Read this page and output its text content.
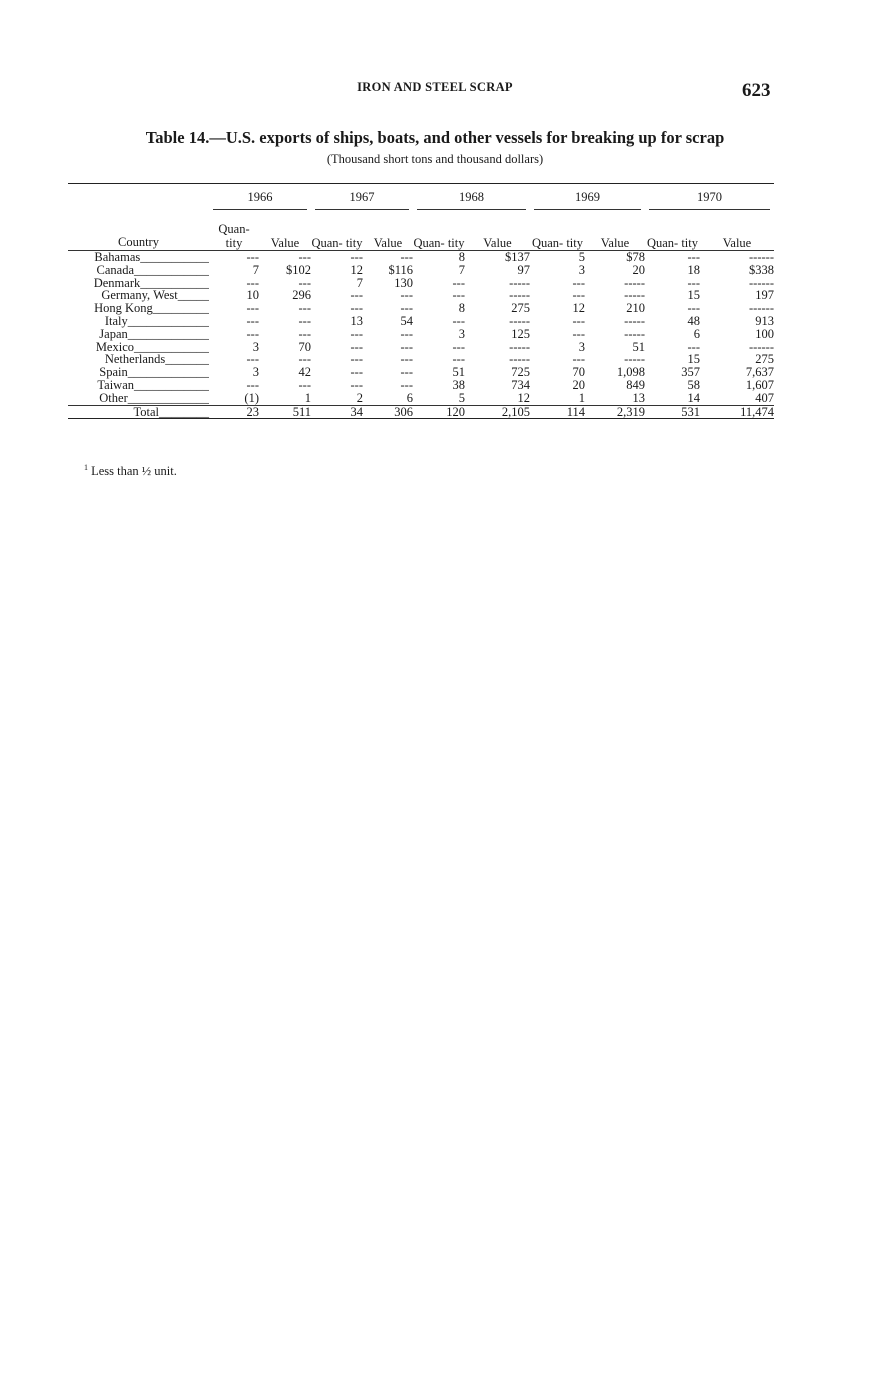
IRON AND STEEL SCRAP	623
Table 14.—U.S. exports of ships, boats, and other vessels for breaking up for scrap
(Thousand short tons and thousand dollars)
Country	1966		1967		1968		1969		1970	

	Quan- tity	Value	Quan- tity	Value	Quan- tity	Value	Quan- tity	Value	Quan- tity	Value
Bahamas___________	---	---	---	---	8	$137	5	$78	---	------
Canada____________	7	$102	12	$116	7	97	3	20	18	$338
Denmark___________	---	---	7	130	---	-----	---	-----	---	------
Germany, West_____	10	296	---	---	---	-----	---	-----	15	197
Hong Kong_________	---	---	---	---	8	275	12	210	---	------
Italy_____________	---	---	13	54	---	-----	---	-----	48	913
Japan_____________	---	---	---	---	3	125	---	-----	6	100
Mexico____________	3	70	---	---	---	-----	3	51	---	------
Netherlands_______	---	---	---	---	---	-----	---	-----	15	275
Spain_____________	3	42	---	---	51	725	70	1,098	357	7,637
Taiwan____________	---	---	---	---	38	734	20	849	58	1,607
Other_____________	(1)	1	2	6	5	12	1	13	14	407
Total________	23	511	34	306	120	2,105	114	2,319	531	11,474
$^1$ Less than ½ unit.
